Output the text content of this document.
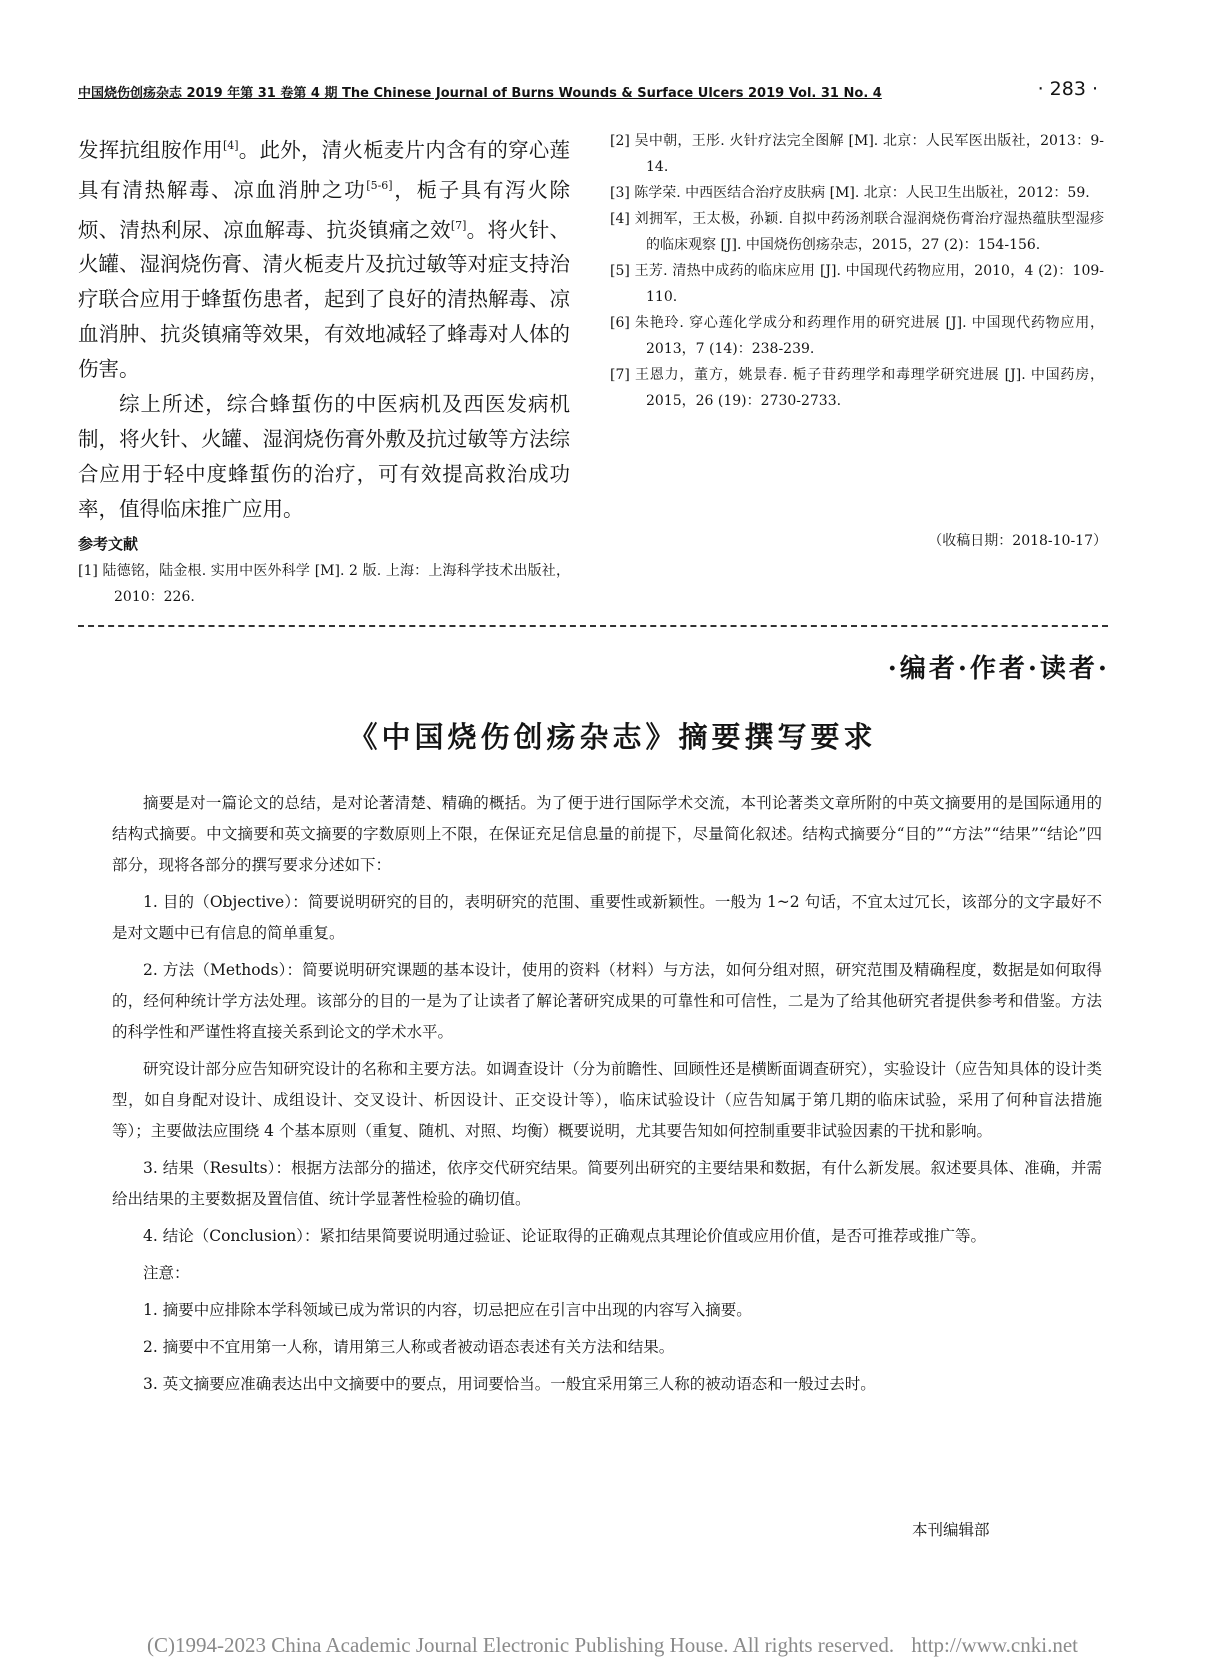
中国烧伤创疡杂志 2019 年第 31 卷第 4 期 The Chinese Journal of Burns Wounds & Surface Ulcers 2019 Vol. 31 No. 4	· 283 ·

发挥抗组胺作用[4]。此外，清火栀麦片内含有的穿心莲具有清热解毒、凉血消肿之功[5-6]，栀子具有泻火除烦、清热利尿、凉血解毒、抗炎镇痛之效[7]。将火针、火罐、湿润烧伤膏、清火栀麦片及抗过敏等对症支持治疗联合应用于蜂蜇伤患者，起到了良好的清热解毒、凉血消肿、抗炎镇痛等效果，有效地减轻了蜂毒对人体的伤害。

综上所述，综合蜂蜇伤的中医病机及西医发病机制，将火针、火罐、湿润烧伤膏外敷及抗过敏等方法综合应用于轻中度蜂蜇伤的治疗，可有效提高救治成功率，值得临床推广应用。

参考文献

[1] 陆德铭，陆金根. 实用中医外科学 [M]. 2 版. 上海：上海科学技术出版社，2010：226.

[2] 吴中朝，王彤. 火针疗法完全图解 [M]. 北京：人民军医出版社，2013：9-14.

[3] 陈学荣. 中西医结合治疗皮肤病 [M]. 北京：人民卫生出版社，2012：59.

[4] 刘拥军，王太极，孙颖. 自拟中药汤剂联合湿润烧伤膏治疗湿热蕴肤型湿疹的临床观察 [J]. 中国烧伤创疡杂志，2015，27 (2)：154-156.

[5] 王芳. 清热中成药的临床应用 [J]. 中国现代药物应用，2010，4 (2)：109-110.

[6] 朱艳玲. 穿心莲化学成分和药理作用的研究进展 [J]. 中国现代药物应用，2013，7 (14)：238-239.

[7] 王恩力，董方，姚景春. 栀子苷药理学和毒理学研究进展 [J]. 中国药房，2015，26 (19)：2730-2733.

（收稿日期：2018-10-17）
·编者·作者·读者·
《中国烧伤创疡杂志》摘要撰写要求

摘要是对一篇论文的总结，是对论著清楚、精确的概括。为了便于进行国际学术交流，本刊论著类文章所附的中英文摘要用的是国际通用的结构式摘要。中文摘要和英文摘要的字数原则上不限，在保证充足信息量的前提下，尽量简化叙述。结构式摘要分“目的”“方法”“结果”“结论”四部分，现将各部分的撰写要求分述如下：

1. 目的（Objective）：简要说明研究的目的，表明研究的范围、重要性或新颖性。一般为 1~2 句话，不宜太过冗长，该部分的文字最好不是对文题中已有信息的简单重复。

2. 方法（Methods）：简要说明研究课题的基本设计，使用的资料（材料）与方法，如何分组对照，研究范围及精确程度，数据是如何取得的，经何种统计学方法处理。该部分的目的一是为了让读者了解论著研究成果的可靠性和可信性，二是为了给其他研究者提供参考和借鉴。方法的科学性和严谨性将直接关系到论文的学术水平。

研究设计部分应告知研究设计的名称和主要方法。如调查设计（分为前瞻性、回顾性还是横断面调查研究），实验设计（应告知具体的设计类型，如自身配对设计、成组设计、交叉设计、析因设计、正交设计等），临床试验设计（应告知属于第几期的临床试验，采用了何种盲法措施等）；主要做法应围绕 4 个基本原则（重复、随机、对照、均衡）概要说明，尤其要告知如何控制重要非试验因素的干扰和影响。

3. 结果（Results）：根据方法部分的描述，依序交代研究结果。简要列出研究的主要结果和数据，有什么新发展。叙述要具体、准确，并需给出结果的主要数据及置信值、统计学显著性检验的确切值。

4. 结论（Conclusion）：紧扣结果简要说明通过验证、论证取得的正确观点其理论价值或应用价值，是否可推荐或推广等。

注意：

1. 摘要中应排除本学科领域已成为常识的内容，切忌把应在引言中出现的内容写入摘要。

2. 摘要中不宜用第一人称，请用第三人称或者被动语态表述有关方法和结果。

3. 英文摘要应准确表达出中文摘要中的要点，用词要恰当。一般宜采用第三人称的被动语态和一般过去时。

本刊编辑部
(C)1994-2023 China Academic Journal Electronic Publishing House. All rights reserved. http://www.cnki.net
